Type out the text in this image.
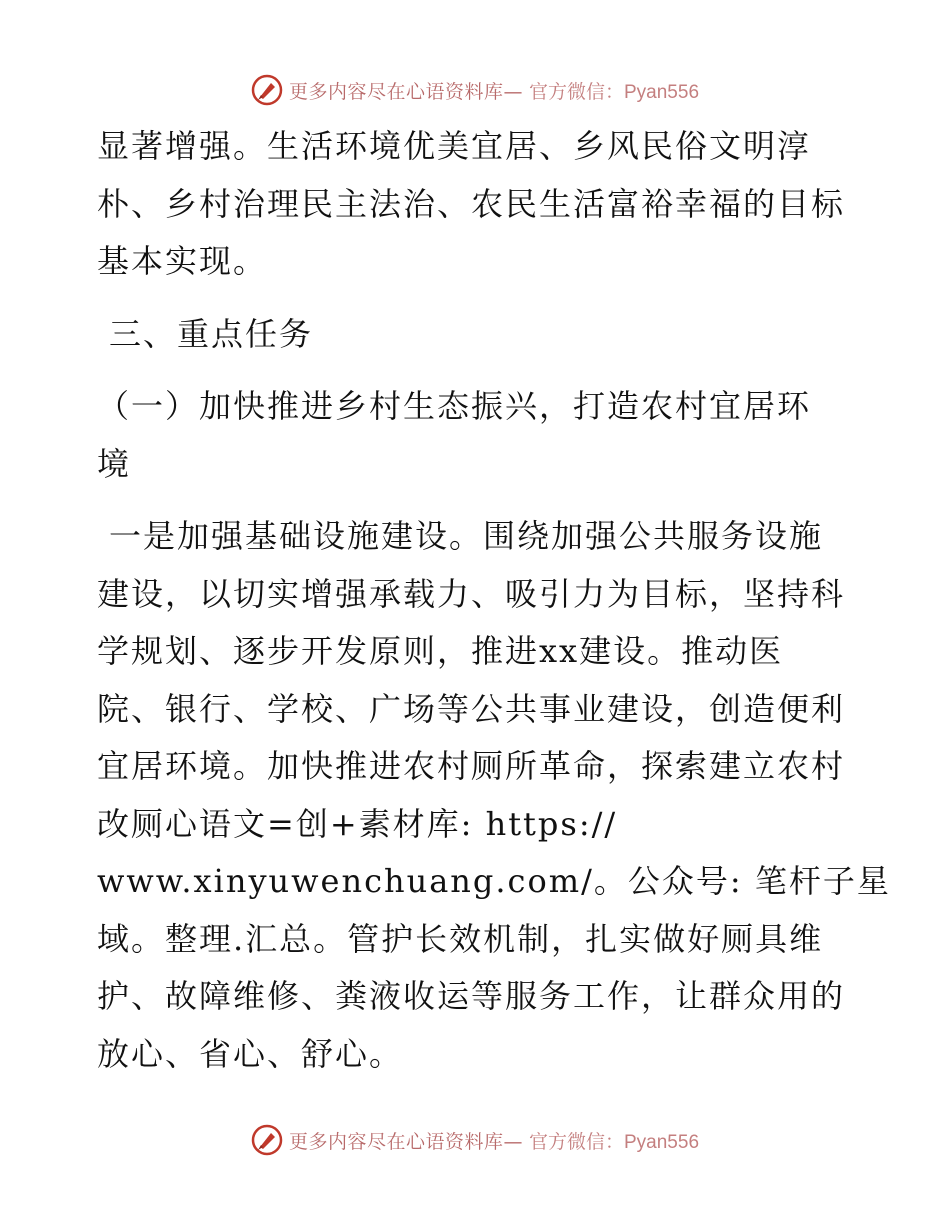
更多内容尽在心语资料库— 官方微信：Pyan556
显著增强。生活环境优美宜居、乡风民俗文明淳
朴、乡村治理民主法治、农民生活富裕幸福的目标
基本实现。
三、重点任务
（一）加快推进乡村生态振兴，打造农村宜居环
境
一是加强基础设施建设。围绕加强公共服务设施
建设，以切实增强承载力、吸引力为目标，坚持科
学规划、逐步开发原则，推进xx建设。推动医
院、银行、学校、广场等公共事业建设，创造便利
宜居环境。加快推进农村厕所革命，探索建立农村
改厕心语文=创+素材库: https://
www.xinyuwenchuang.com/。公众号: 笔杆子星
域。整理.汇总。管护长效机制，扎实做好厕具维
护、故障维修、粪液收运等服务工作，让群众用的
放心、省心、舒心。
更多内容尽在心语资料库— 官方微信：Pyan556
